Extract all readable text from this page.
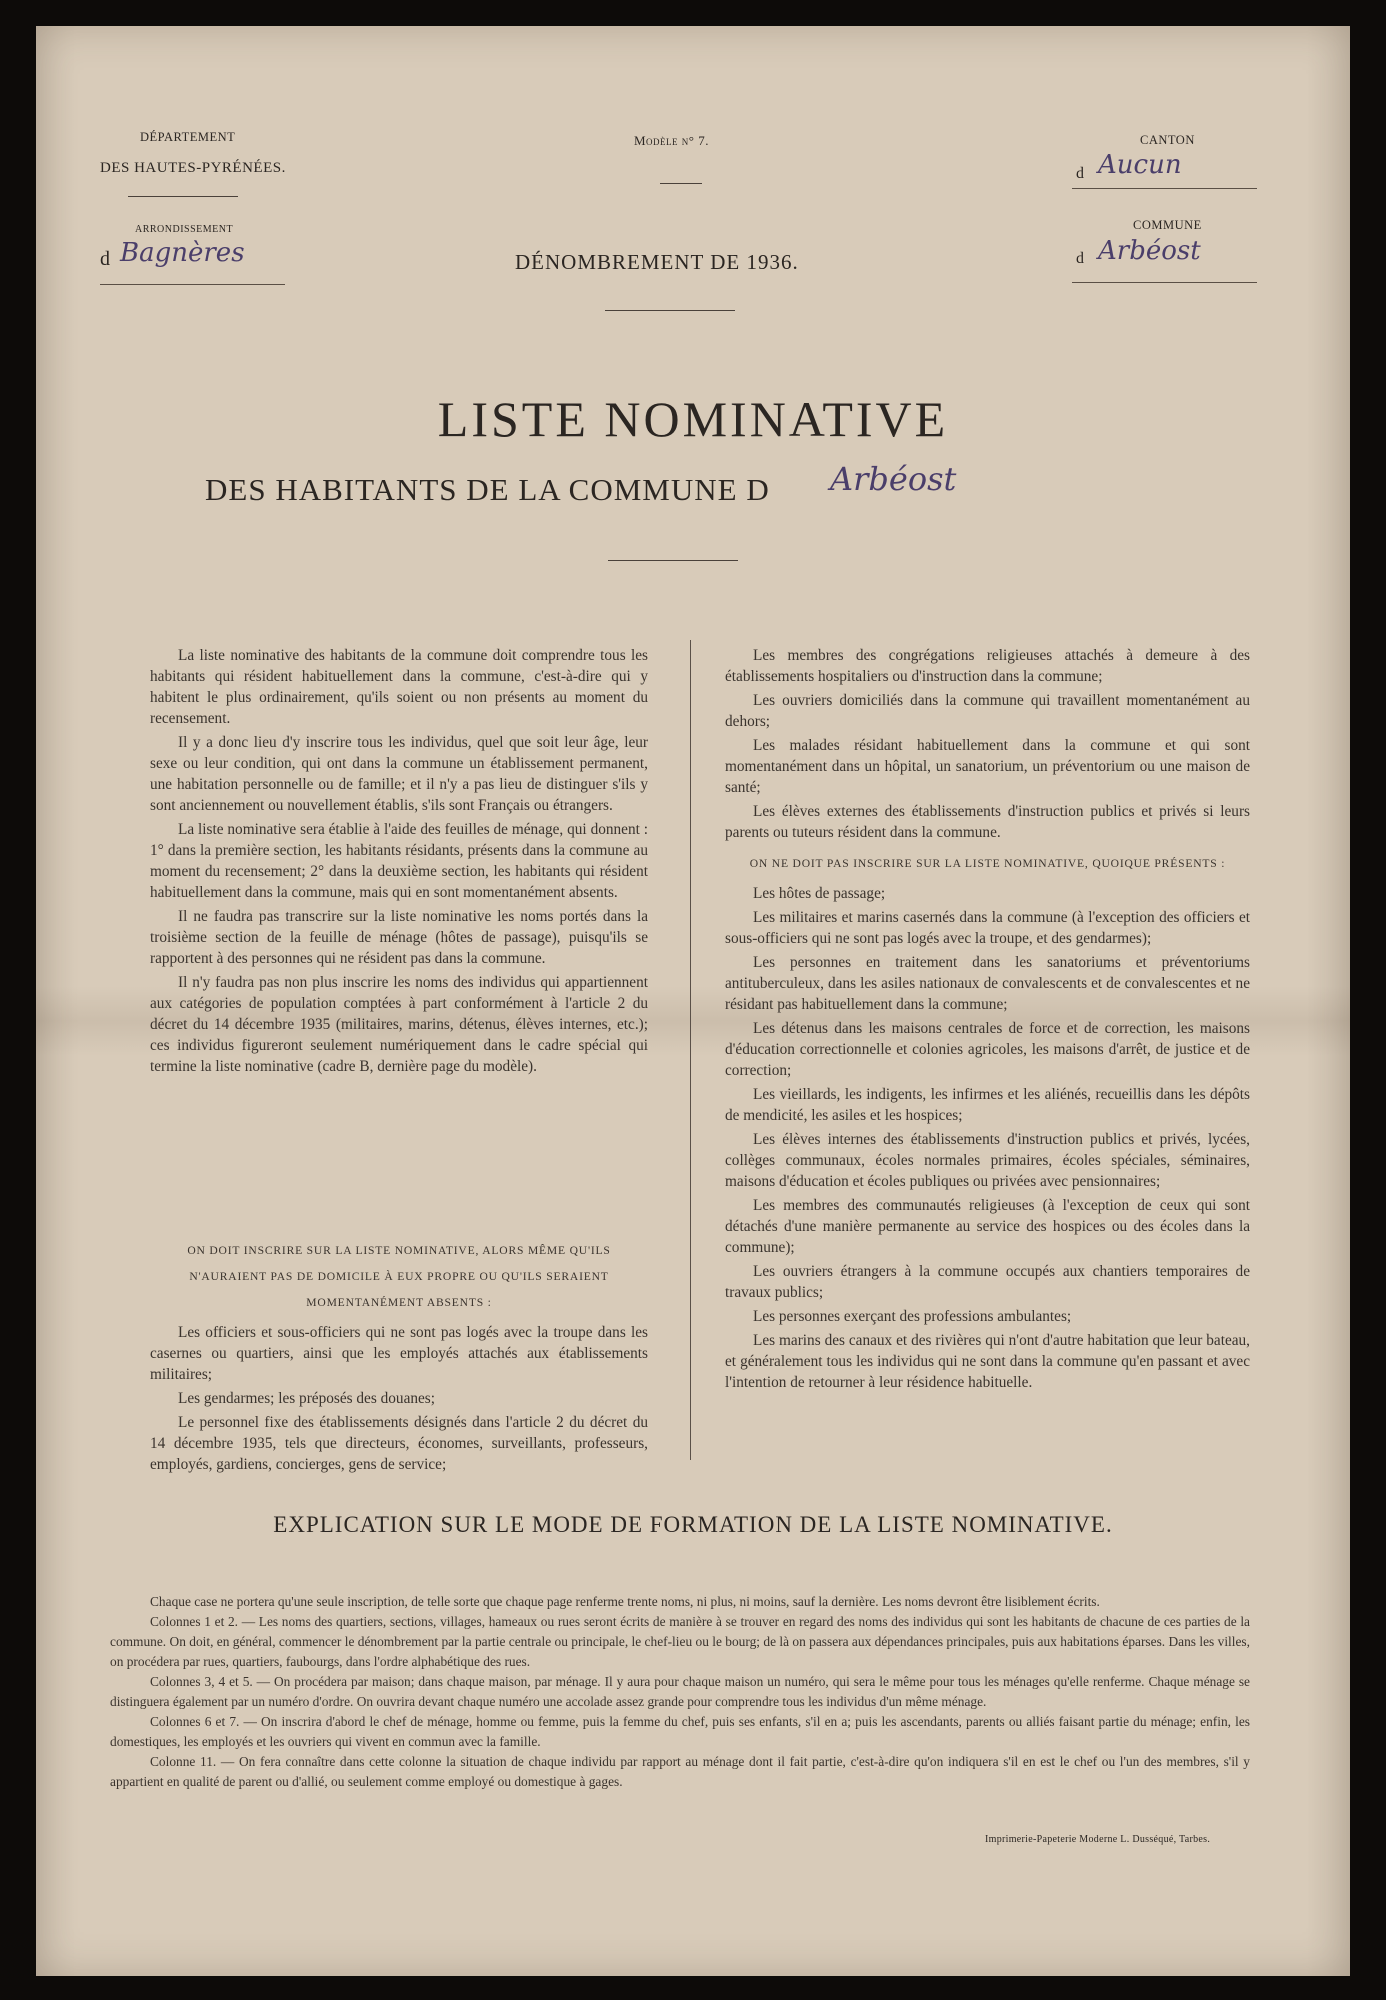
DÉPARTEMENT
DES HAUTES-PYRÉNÉES.
ARRONDISSEMENT
d Bagnères
Modèle n° 7.
DÉNOMBREMENT DE 1936.
CANTON
d Aucun
COMMUNE
d Arbéost
LISTE NOMINATIVE
DES HABITANTS DE LA COMMUNE D Arbéost

La liste nominative des habitants de la commune doit comprendre tous les habitants qui résident habituellement dans la commune, c'est-à-dire qui y habitent le plus ordinairement, qu'ils soient ou non présents au moment du recensement.

Il y a donc lieu d'y inscrire tous les individus, quel que soit leur âge, leur sexe ou leur condition, qui ont dans la commune un établissement permanent, une habitation personnelle ou de famille; et il n'y a pas lieu de distinguer s'ils y sont anciennement ou nouvellement établis, s'ils sont Français ou étrangers.

La liste nominative sera établie à l'aide des feuilles de ménage, qui donnent : 1° dans la première section, les habitants résidants, présents dans la commune au moment du recensement; 2° dans la deuxième section, les habitants qui résident habituellement dans la commune, mais qui en sont momentanément absents.

Il ne faudra pas transcrire sur la liste nominative les noms portés dans la troisième section de la feuille de ménage (hôtes de passage), puisqu'ils se rapportent à des personnes qui ne résident pas dans la commune.

Il n'y faudra pas non plus inscrire les noms des individus qui appartiennent aux catégories de population comptées à part conformément à l'article 2 du décret du 14 décembre 1935 (militaires, marins, détenus, élèves internes, etc.); ces individus figureront seulement numériquement dans le cadre spécial qui termine la liste nominative (cadre B, dernière page du modèle).

ON DOIT INSCRIRE SUR LA LISTE NOMINATIVE, ALORS MÊME QU'ILS N'AURAIENT PAS DE DOMICILE À EUX PROPRE OU QU'ILS SERAIENT MOMENTANÉMENT ABSENTS :

Les officiers et sous-officiers qui ne sont pas logés avec la troupe dans les casernes ou quartiers, ainsi que les employés attachés aux établissements militaires;

Les gendarmes; les préposés des douanes;

Le personnel fixe des établissements désignés dans l'article 2 du décret du 14 décembre 1935, tels que directeurs, économes, surveillants, professeurs, employés, gardiens, concierges, gens de service;

Les membres des congrégations religieuses attachés à demeure à des établissements hospitaliers ou d'instruction dans la commune;

Les ouvriers domiciliés dans la commune qui travaillent momentanément au dehors;

Les malades résidant habituellement dans la commune et qui sont momentanément dans un hôpital, un sanatorium, un préventorium ou une maison de santé;

Les élèves externes des établissements d'instruction publics et privés si leurs parents ou tuteurs résident dans la commune.

ON NE DOIT PAS INSCRIRE SUR LA LISTE NOMINATIVE, QUOIQUE PRÉSENTS :

Les hôtes de passage;

Les militaires et marins casernés dans la commune (à l'exception des officiers et sous-officiers qui ne sont pas logés avec la troupe, et des gendarmes);

Les personnes en traitement dans les sanatoriums et préventoriums antituberculeux, dans les asiles nationaux de convalescents et de convalescentes et ne résidant pas habituellement dans la commune;

Les détenus dans les maisons centrales de force et de correction, les maisons d'éducation correctionnelle et colonies agricoles, les maisons d'arrêt, de justice et de correction;

Les vieillards, les indigents, les infirmes et les aliénés, recueillis dans les dépôts de mendicité, les asiles et les hospices;

Les élèves internes des établissements d'instruction publics et privés, lycées, collèges communaux, écoles normales primaires, écoles spéciales, séminaires, maisons d'éducation et écoles publiques ou privées avec pensionnaires;

Les membres des communautés religieuses (à l'exception de ceux qui sont détachés d'une manière permanente au service des hospices ou des écoles dans la commune);

Les ouvriers étrangers à la commune occupés aux chantiers temporaires de travaux publics;

Les personnes exerçant des professions ambulantes;

Les marins des canaux et des rivières qui n'ont d'autre habitation que leur bateau, et généralement tous les individus qui ne sont dans la commune qu'en passant et avec l'intention de retourner à leur résidence habituelle.

EXPLICATION SUR LE MODE DE FORMATION DE LA LISTE NOMINATIVE.

Chaque case ne portera qu'une seule inscription, de telle sorte que chaque page renferme trente noms, ni plus, ni moins, sauf la dernière. Les noms devront être lisiblement écrits.

Colonnes 1 et 2. — Les noms des quartiers, sections, villages, hameaux ou rues seront écrits de manière à se trouver en regard des noms des individus qui sont les habitants de chacune de ces parties de la commune. On doit, en général, commencer le dénombrement par la partie centrale ou principale, le chef-lieu ou le bourg; de là on passera aux dépendances principales, puis aux habitations éparses. Dans les villes, on procédera par rues, quartiers, faubourgs, dans l'ordre alphabétique des rues.

Colonnes 3, 4 et 5. — On procédera par maison; dans chaque maison, par ménage. Il y aura pour chaque maison un numéro, qui sera le même pour tous les ménages qu'elle renferme. Chaque ménage se distinguera également par un numéro d'ordre. On ouvrira devant chaque numéro une accolade assez grande pour comprendre tous les individus d'un même ménage.

Colonnes 6 et 7. — On inscrira d'abord le chef de ménage, homme ou femme, puis la femme du chef, puis ses enfants, s'il en a; puis les ascendants, parents ou alliés faisant partie du ménage; enfin, les domestiques, les employés et les ouvriers qui vivent en commun avec la famille.

Colonne 11. — On fera connaître dans cette colonne la situation de chaque individu par rapport au ménage dont il fait partie, c'est-à-dire qu'on indiquera s'il en est le chef ou l'un des membres, s'il y appartient en qualité de parent ou d'allié, ou seulement comme employé ou domestique à gages.

Imprimerie-Papeterie Moderne L. Dusséqué, Tarbes.
